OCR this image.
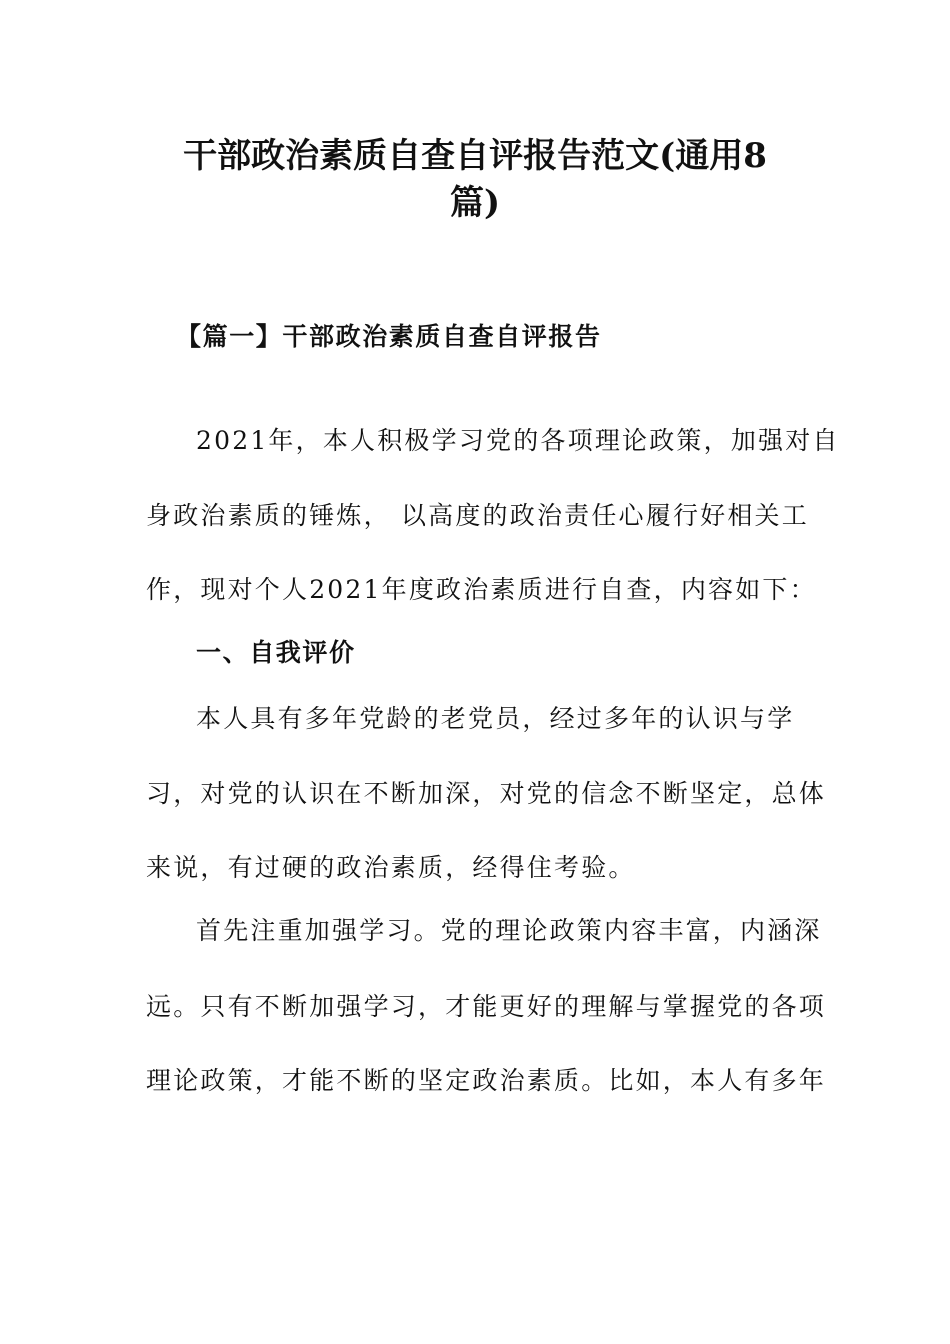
干部政治素质自查自评报告范文(通用8
篇)

【篇一】干部政治素质自查自评报告

2021年，本人积极学习党的各项理论政策，加强对自

身政治素质的锤炼， 以高度的政治责任心履行好相关工

作，现对个人2021年度政治素质进行自查，内容如下：

一、自我评价

本人具有多年党龄的老党员，经过多年的认识与学

习，对党的认识在不断加深，对党的信念不断坚定，总体

来说，有过硬的政治素质，经得住考验。

首先注重加强学习。党的理论政策内容丰富，内涵深

远。只有不断加强学习，才能更好的理解与掌握党的各项

理论政策，才能不断的坚定政治素质。比如，本人有多年
